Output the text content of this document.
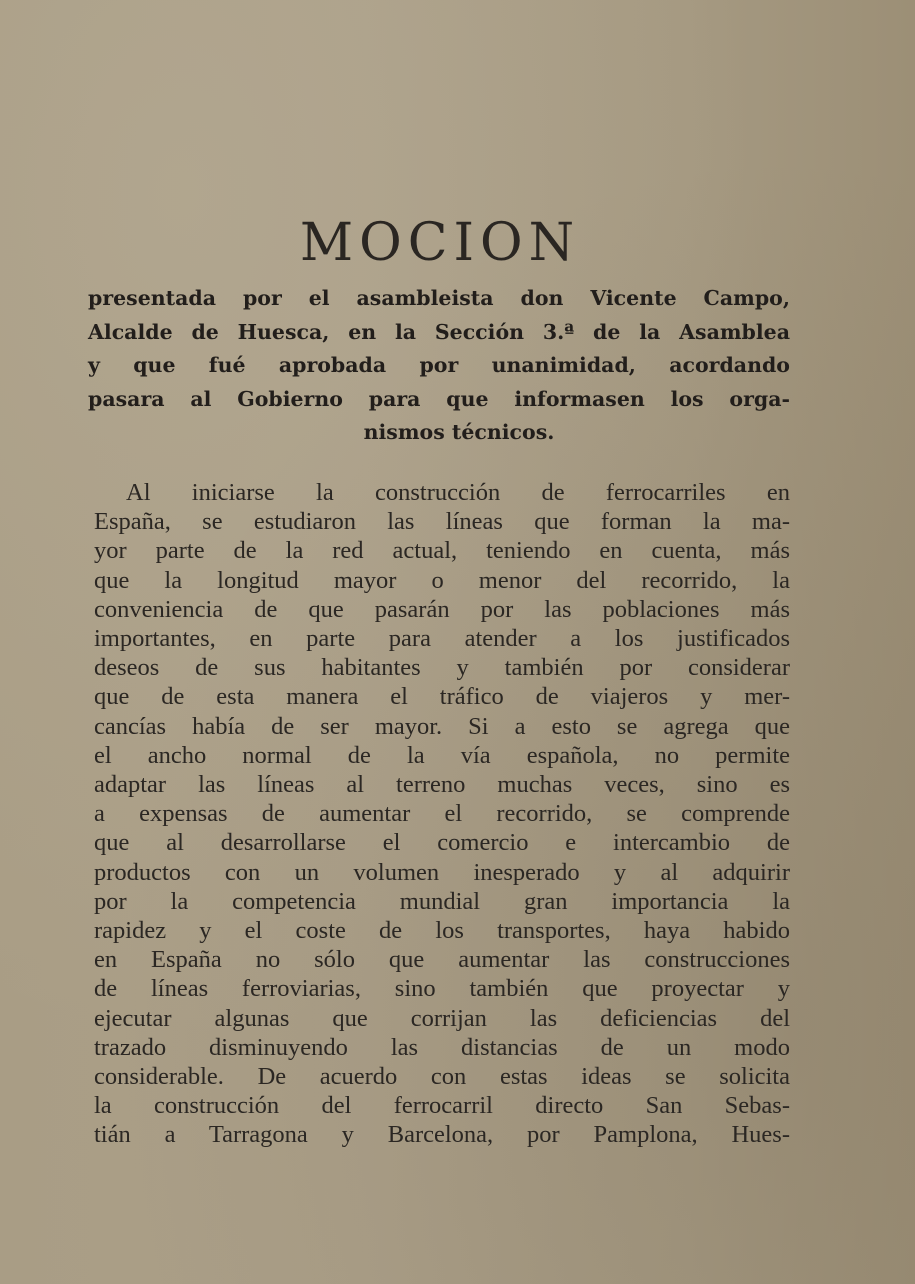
MOCION
presentada por el asambleista don Vicente Campo,
Alcalde de Huesca, en la Sección 3.ª de la Asamblea
y que fué aprobada por unanimidad, acordando
pasara al Gobierno para que informasen los orga-
nismos técnicos.
Al iniciarse la construcción de ferrocarriles en
España, se estudiaron las líneas que forman la ma-
yor parte de la red actual, teniendo en cuenta, más
que la longitud mayor o menor del recorrido, la
conveniencia de que pasarán por las poblaciones más
importantes, en parte para atender a los justificados
deseos de sus habitantes y también por considerar
que de esta manera el tráfico de viajeros y mer-
cancías había de ser mayor. Si a esto se agrega que
el ancho normal de la vía española, no permite
adaptar las líneas al terreno muchas veces, sino es
a expensas de aumentar el recorrido, se comprende
que al desarrollarse el comercio e intercambio de
productos con un volumen inesperado y al adquirir
por la competencia mundial gran importancia la
rapidez y el coste de los transportes, haya habido
en España no sólo que aumentar las construcciones
de líneas ferroviarias, sino también que proyectar y
ejecutar algunas que corrijan las deficiencias del
trazado disminuyendo las distancias de un modo
considerable. De acuerdo con estas ideas se solicita
la construcción del ferrocarril directo San Sebas-
tián a Tarragona y Barcelona, por Pamplona, Hues-
